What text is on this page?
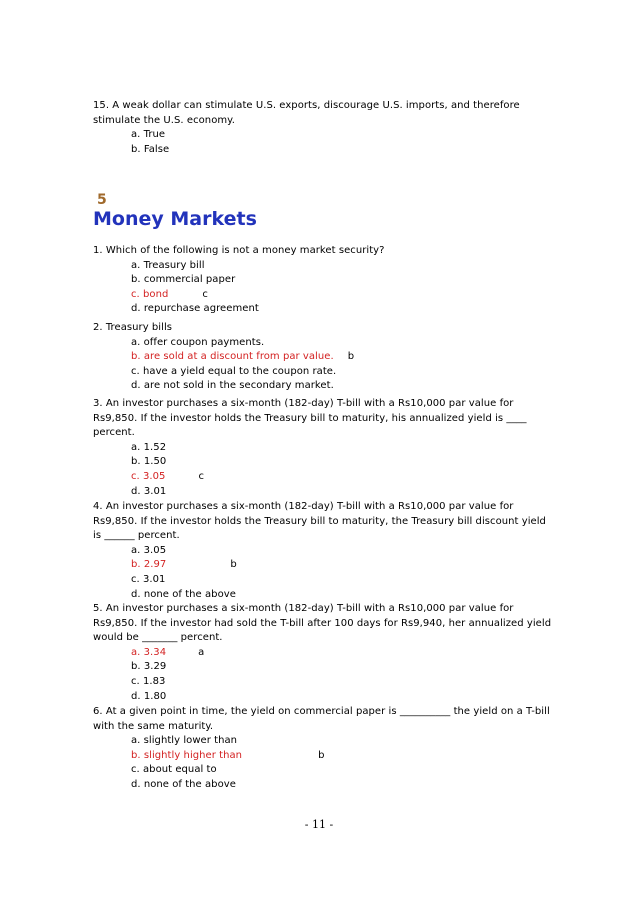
15. A weak dollar can stimulate U.S. exports, discourage U.S. imports, and therefore stimulate the U.S. economy.

a. True
b. False
5
Money Markets

1. Which of the following is not a money market security?

a. Treasury bill
b. commercial paper
c. bond	c
d. repurchase agreement

2. Treasury bills

a. offer coupon payments.
b. are sold at a discount from par value. b
c. have a yield equal to the coupon rate.
d. are not sold in the secondary market.

3. An investor purchases a six-month (182-day) T-bill with a Rs10,000 par value for Rs9,850. If the investor holds the Treasury bill to maturity, his annualized yield is ____ percent.

a. 1.52
b. 1.50
c. 3.05	c
d. 3.01

4. An investor purchases a six-month (182-day) T-bill with a Rs10,000 par value for Rs9,850. If the investor holds the Treasury bill to maturity, the Treasury bill discount yield is ______ percent.

a. 3.05
b. 2.97	b
c. 3.01
d. none of the above

5. An investor purchases a six-month (182-day) T-bill with a Rs10,000 par value for Rs9,850. If the investor had sold the T-bill after 100 days for Rs9,940, her annualized yield would be _______ percent.

a. 3.34	a
b. 3.29
c. 1.83
d. 1.80

6. At a given point in time, the yield on commercial paper is __________ the yield on a T-bill with the same maturity.

a. slightly lower than
b. slightly higher than	b
c. about equal to
d. none of the above
- 11 -
